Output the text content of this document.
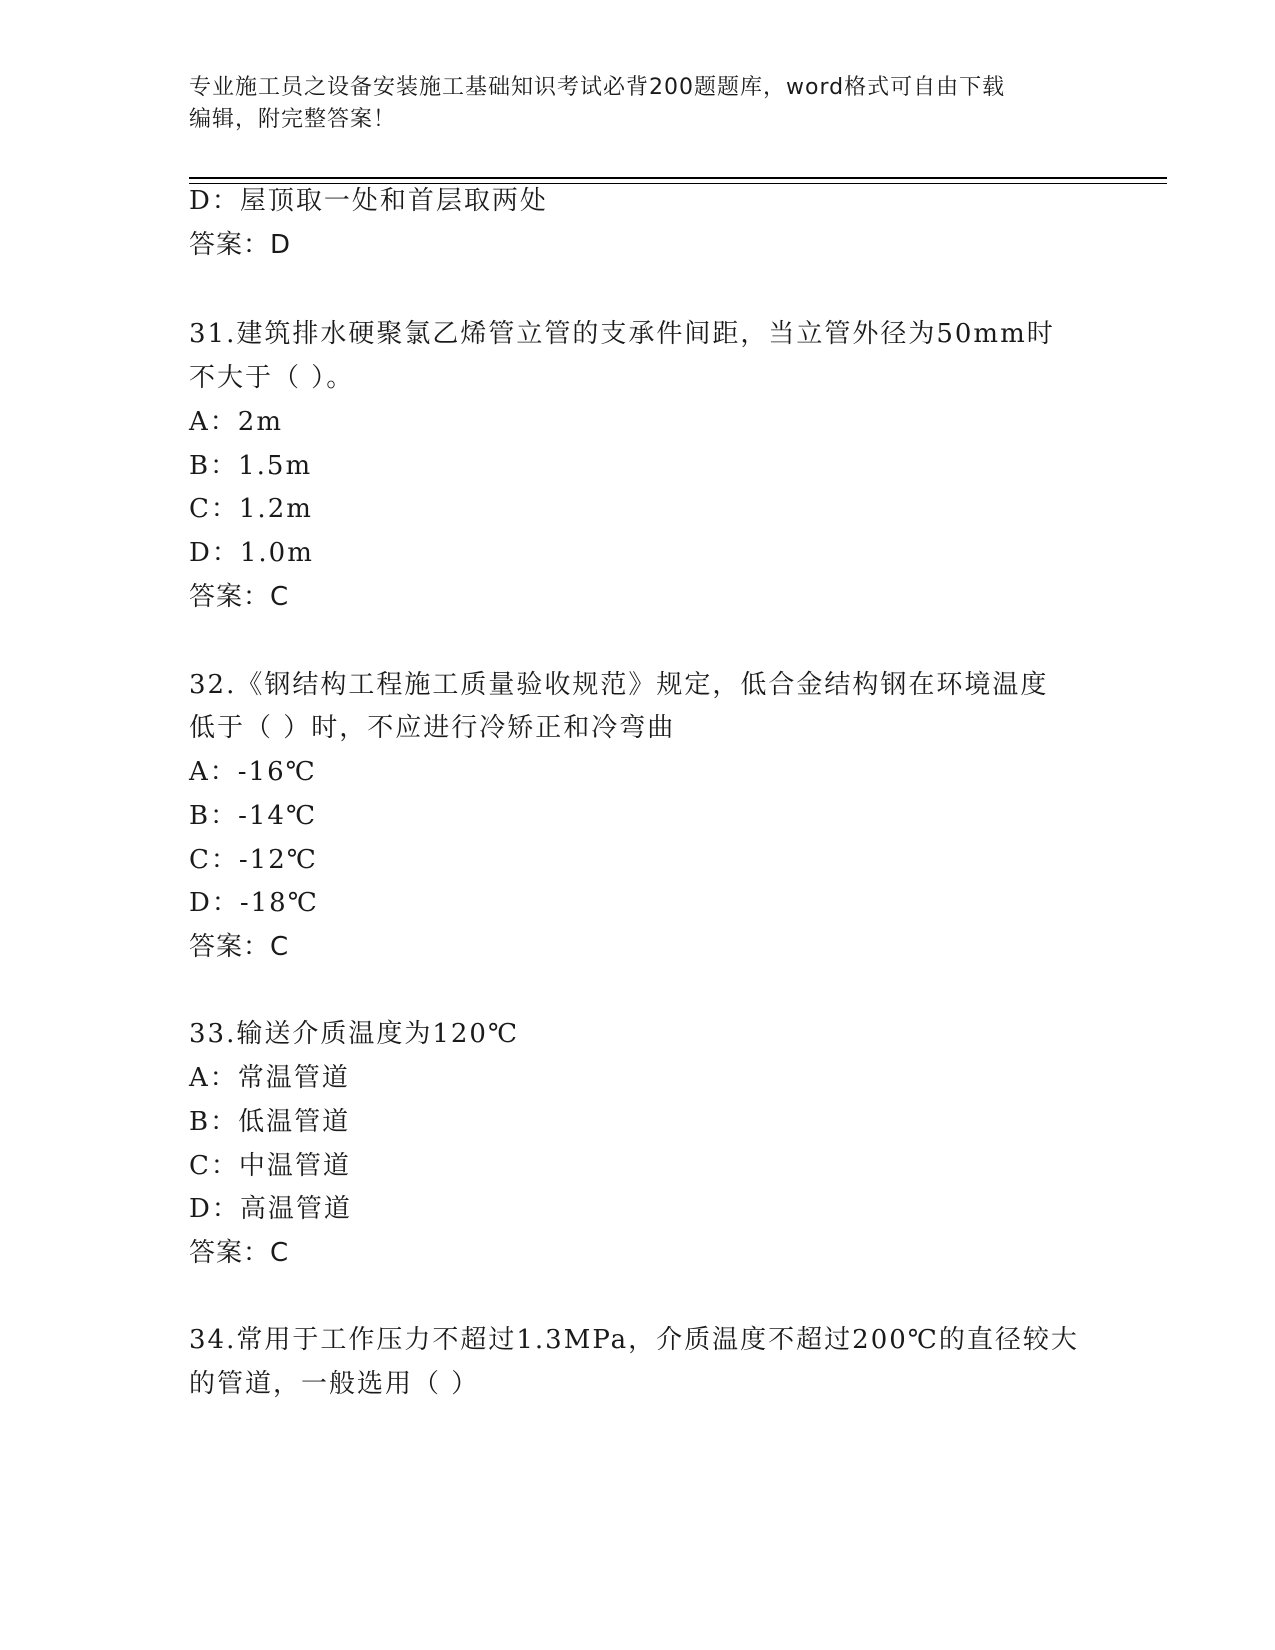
专业施工员之设备安装施工基础知识考试必背200题题库，word格式可自由下载
编辑，附完整答案！
D：屋顶取一处和首层取两处
答案：D
31.建筑排水硬聚氯乙烯管立管的支承件间距，当立管外径为50mm时
不大于（ ）。
A：2m
B：1.5m
C：1.2m
D：1.0m
答案：C
32.《钢结构工程施工质量验收规范》规定，低合金结构钢在环境温度
低于（ ）时，不应进行冷矫正和冷弯曲
A：-16℃
B：-14℃
C：-12℃
D：-18℃
答案：C
33.输送介质温度为120℃
A：常温管道
B：低温管道
C：中温管道
D：高温管道
答案：C
34.常用于工作压力不超过1.3MPa，介质温度不超过200℃的直径较大
的管道，一般选用（ ）
